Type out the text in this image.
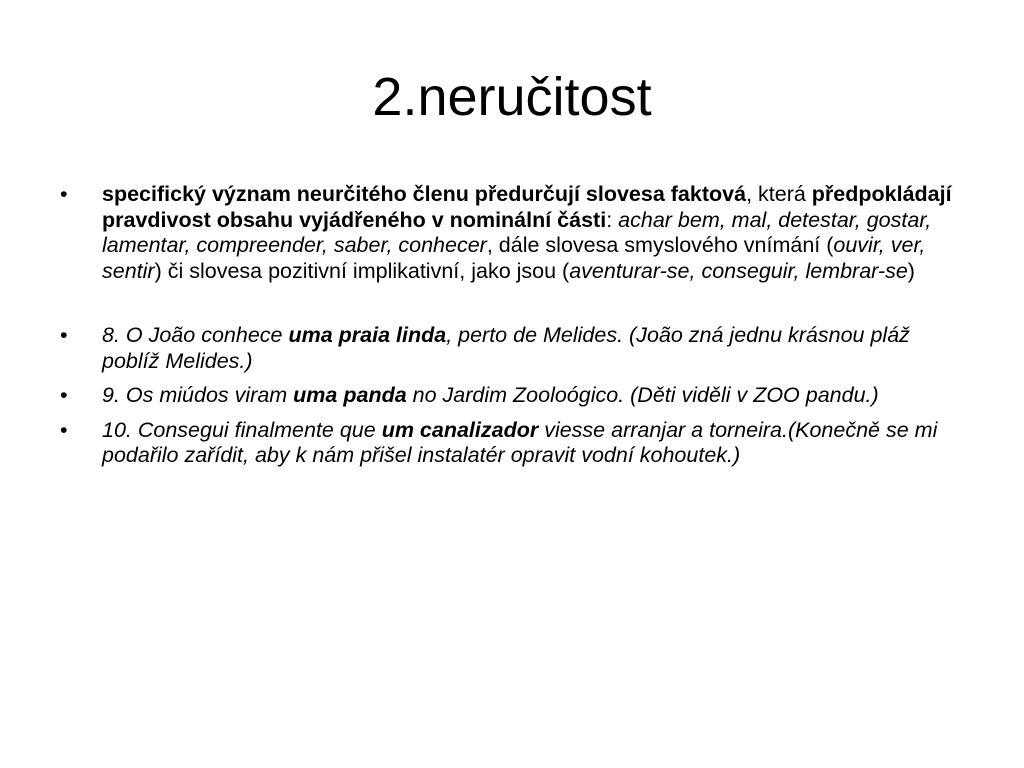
2.neručitost
• specifický význam neurčitého členu předurčují slovesa faktová, která předpokládají pravdivost obsahu vyjádřeného v nominální části: achar bem, mal, detestar, gostar, lamentar, compreender, saber, conhecer, dále slovesa smyslového vnímání (ouvir, ver, sentir) či slovesa pozitivní implikativní, jako jsou (aventurar-se, conseguir, lembrar-se)
• 8. O João conhece uma praia linda, perto de Melides. (João zná jednu krásnou pláž poblíž Melides.)
• 9. Os miúdos viram uma panda no Jardim Zooloógico. (Děti viděli v ZOO pandu.)
• 10. Consegui finalmente que um canalizador viesse arranjar a torneira.(Konečně se mi podařilo zařídit, aby k nám přišel instalatér opravit vodní kohoutek.)
